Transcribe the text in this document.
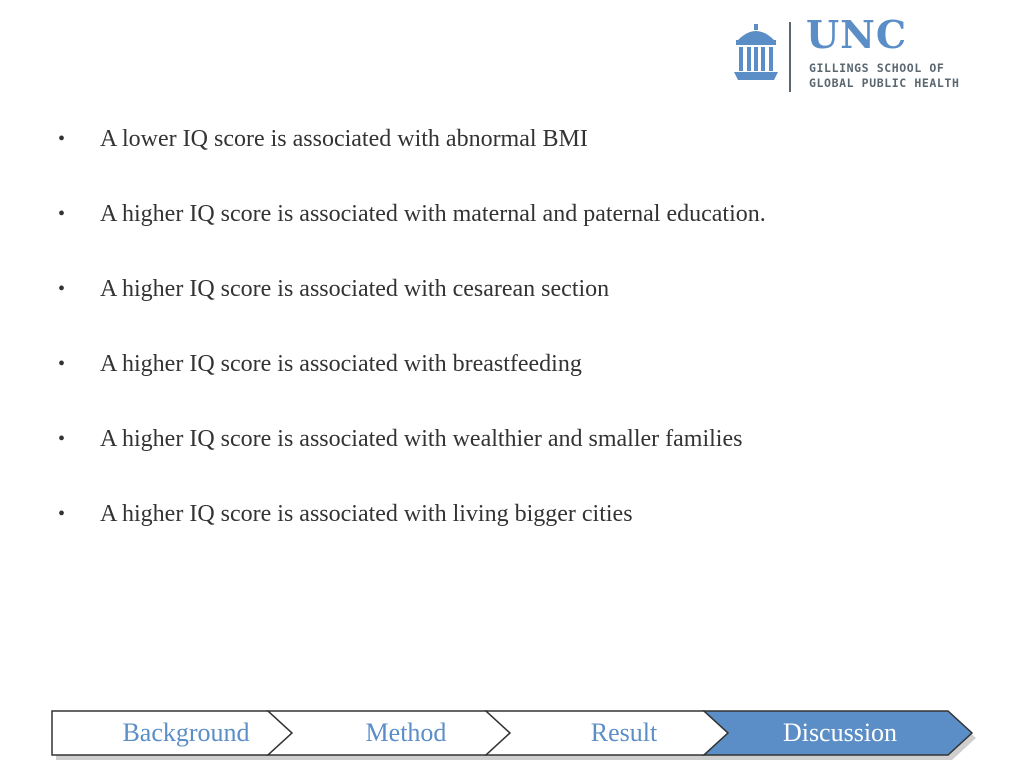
UNC
GILLINGS SCHOOL OF
GLOBAL PUBLIC HEALTH
•	A lower IQ score is associated with abnormal BMI
•	A higher IQ score is associated with maternal and paternal education.
•	A higher IQ score is associated with cesarean section
•	A higher IQ score is associated with breastfeeding
•	A higher IQ score is associated with wealthier and smaller families
•	A higher IQ score is associated with living bigger cities
Background	Method	Result	Discussion
